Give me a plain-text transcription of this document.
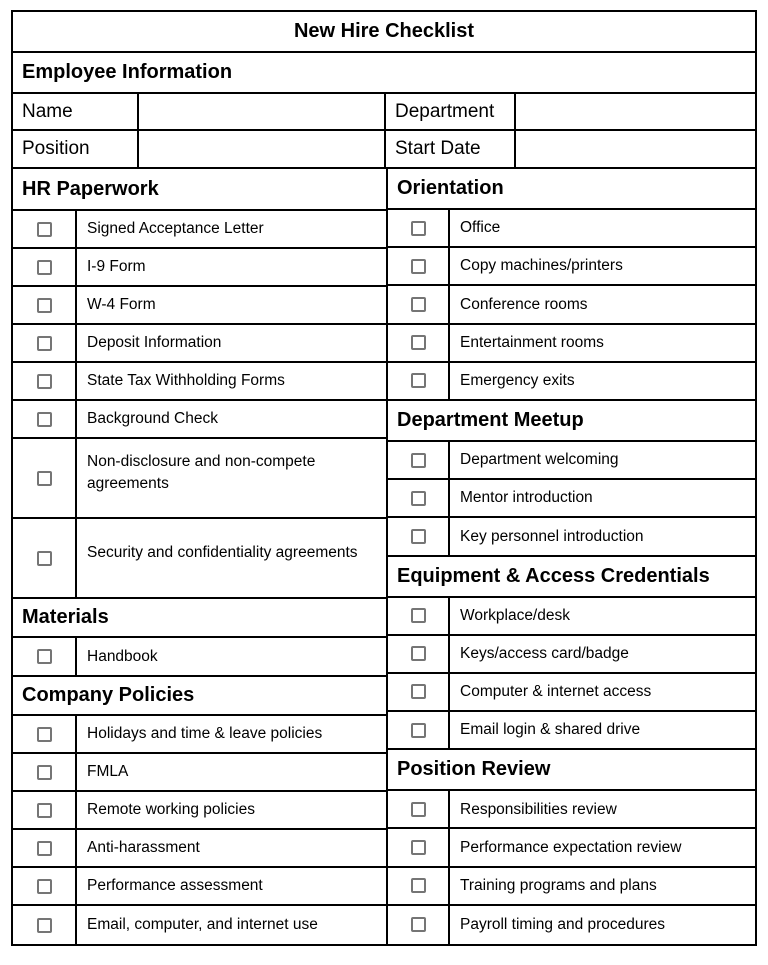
New Hire Checklist
Employee Information
Name	Department
Position	Start Date
HR Paperwork
Signed Acceptance Letter
I-9 Form
W-4 Form
Deposit Information
State Tax Withholding Forms
Background Check
Non-disclosure and non-compete agreements
Security and confidentiality agreements
Materials
Handbook
Company Policies
Holidays and time & leave policies
FMLA
Remote working policies
Anti-harassment
Performance assessment
Email, computer, and internet use
Orientation
Office
Copy machines/printers
Conference rooms
Entertainment rooms
Emergency exits
Department Meetup
Department welcoming
Mentor introduction
Key personnel introduction
Equipment & Access Credentials
Workplace/desk
Keys/access card/badge
Computer & internet access
Email login & shared drive
Position Review
Responsibilities review
Performance expectation review
Training programs and plans
Payroll timing and procedures
